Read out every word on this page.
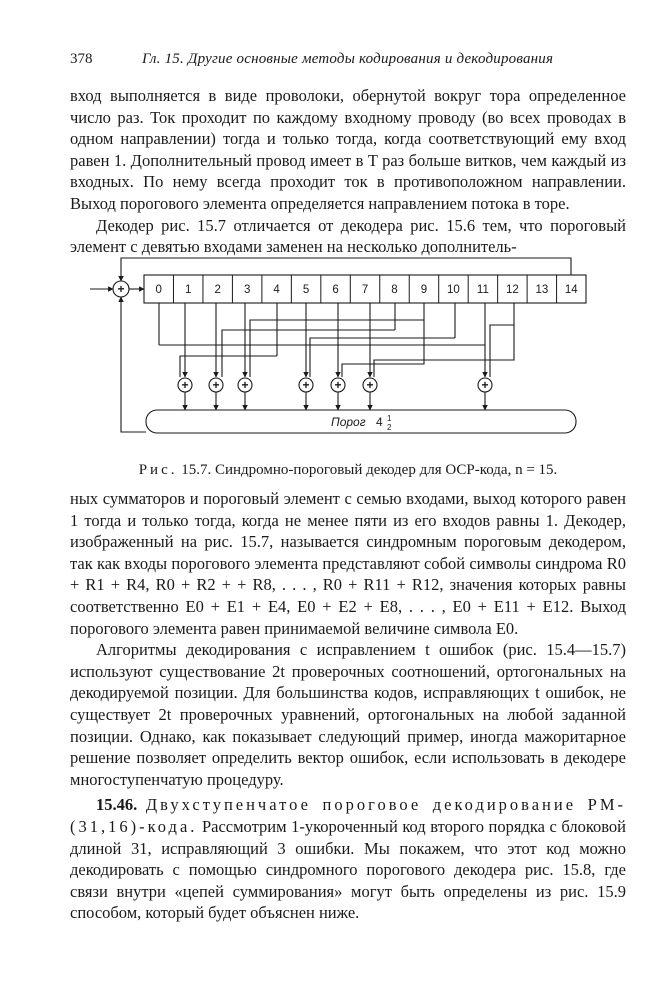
378	Гл. 15. Другие основные методы кодирования и декодирования

вход выполняется в виде проволоки, обернутой вокруг тора определенное число раз. Ток проходит по каждому входному проводу (во всех проводах в одном направлении) тогда и только тогда, когда соответствующий ему вход равен 1. Дополнительный провод имеет в T раз больше витков, чем каждый из входных. По нему всегда проходит ток в противоположном направлении. Выход порогового элемента определяется направлением потока в торе.

Декодер рис. 15.7 отличается от декодера рис. 15.6 тем, что пороговый элемент с девятью входами заменен на несколько дополнитель-

0 1 2 3 4 5 6 7 8 9 10 11 12 13 14
+
+ + +	+ + +	+
Порог 4 1
2
Рис. 15.7. Синдромно-пороговый декодер для ОСР-кода, n = 15.

ных сумматоров и пороговый элемент с семью входами, выход которого равен 1 тогда и только тогда, когда не менее пяти из его входов равны 1. Декодер, изображенный на рис. 15.7, называется синдромным пороговым декодером, так как входы порогового элемента представляют собой символы синдрома R0 + R1 + R4, R0 + R2 + + R8, . . . , R0 + R11 + R12, значения которых равны соответственно E0 + E1 + E4, E0 + E2 + E8, . . . , E0 + E11 + E12. Выход порогового элемента равен принимаемой величине символа E0.

Алгоритмы декодирования с исправлением t ошибок (рис. 15.4—15.7) используют существование 2t проверочных соотношений, ортогональных на декодируемой позиции. Для большинства кодов, исправляющих t ошибок, не существует 2t проверочных уравнений, ортогональных на любой заданной позиции. Однако, как показывает следующий пример, иногда мажоритарное решение позволяет определить вектор ошибок, если использовать в декодере многоступенчатую процедуру.

15.46. Двухступенчатое пороговое декодирование РМ-(31,16)-кода. Рассмотрим 1-укороченный код второго порядка с блоковой длиной 31, исправляющий 3 ошибки. Мы покажем, что этот код можно декодировать с помощью синдромного порогового декодера рис. 15.8, где связи внутри «цепей суммирования» могут быть определены из рис. 15.9 способом, который будет объяснен ниже.
